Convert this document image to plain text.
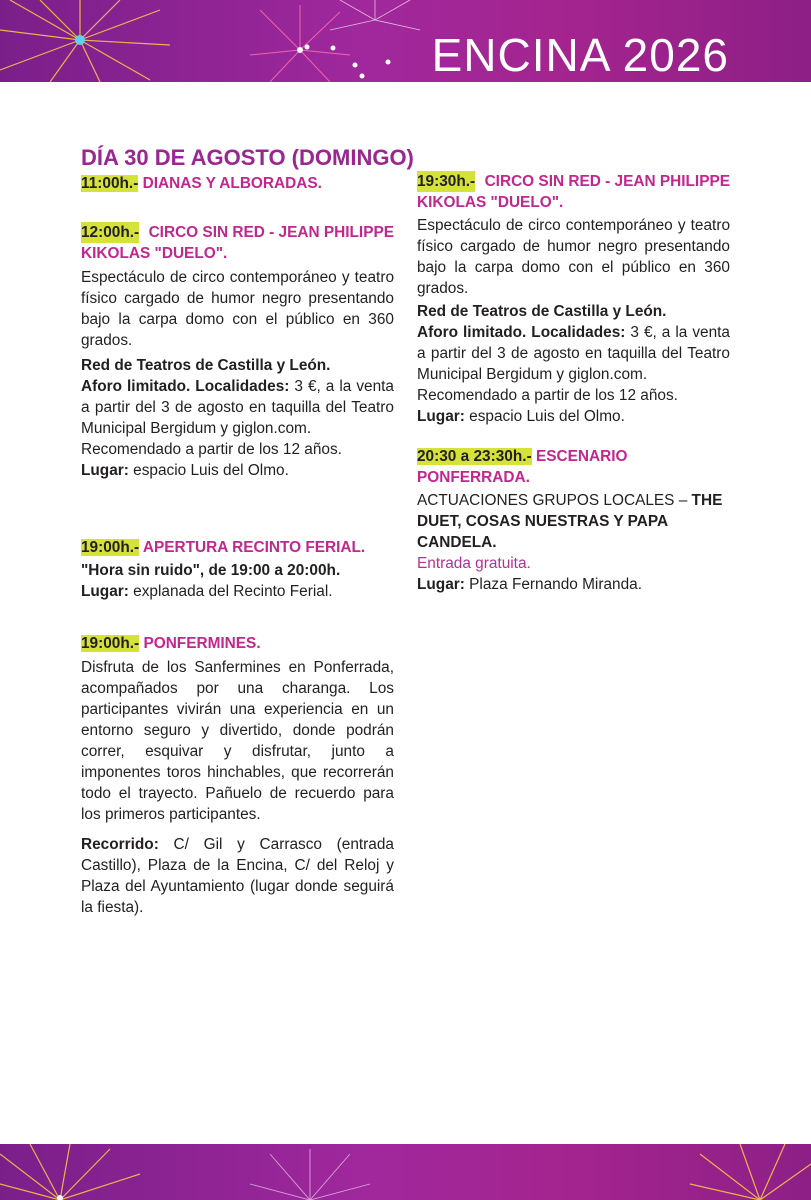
ENCINA 2026
DÍA 30 DE AGOSTO (DOMINGO)

11:00h.- DIANAS Y ALBORADAS.

12:00h.- CIRCO SIN RED - JEAN PHILIPPE

KIKOLAS "DUELO".

Espectáculo de circo contemporáneo y teatro físico cargado de humor negro presentando bajo la carpa domo con el público en 360 grados.

Red de Teatros de Castilla y León.

Aforo limitado. Localidades: 3 €, a la venta a partir del 3 de agosto en taquilla del Teatro Municipal Bergidum y giglon.com.

Recomendado a partir de los 12 años.

Lugar: espacio Luis del Olmo.

19:00h.- APERTURA RECINTO FERIAL.

"Hora sin ruido", de 19:00 a 20:00h.

Lugar: explanada del Recinto Ferial.

19:00h.- PONFERMINES.

Disfruta de los Sanfermines en Ponferrada, acompañados por una charanga. Los participantes vivirán una experiencia en un entorno seguro y divertido, donde podrán correr, esquivar y disfrutar, junto a imponentes toros hinchables, que recorrerán todo el trayecto. Pañuelo de recuerdo para los primeros participantes.

Recorrido: C/ Gil y Carrasco (entrada Castillo), Plaza de la Encina, C/ del Reloj y Plaza del Ayuntamiento (lugar donde seguirá la fiesta).

19:30h.- CIRCO SIN RED - JEAN PHILIPPE

KIKOLAS "DUELO".

Espectáculo de circo contemporáneo y teatro físico cargado de humor negro presentando bajo la carpa domo con el público en 360 grados.

Red de Teatros de Castilla y León.

Aforo limitado. Localidades: 3 €, a la venta a partir del 3 de agosto en taquilla del Teatro Municipal Bergidum y giglon.com.

Recomendado a partir de los 12 años.

Lugar: espacio Luis del Olmo.

20:30 a 23:30h.- ESCENARIO PONFERRADA.

ACTUACIONES GRUPOS LOCALES – THE DUET, COSAS NUESTRAS Y PAPA CANDELA.

Entrada gratuita.

Lugar: Plaza Fernando Miranda.
